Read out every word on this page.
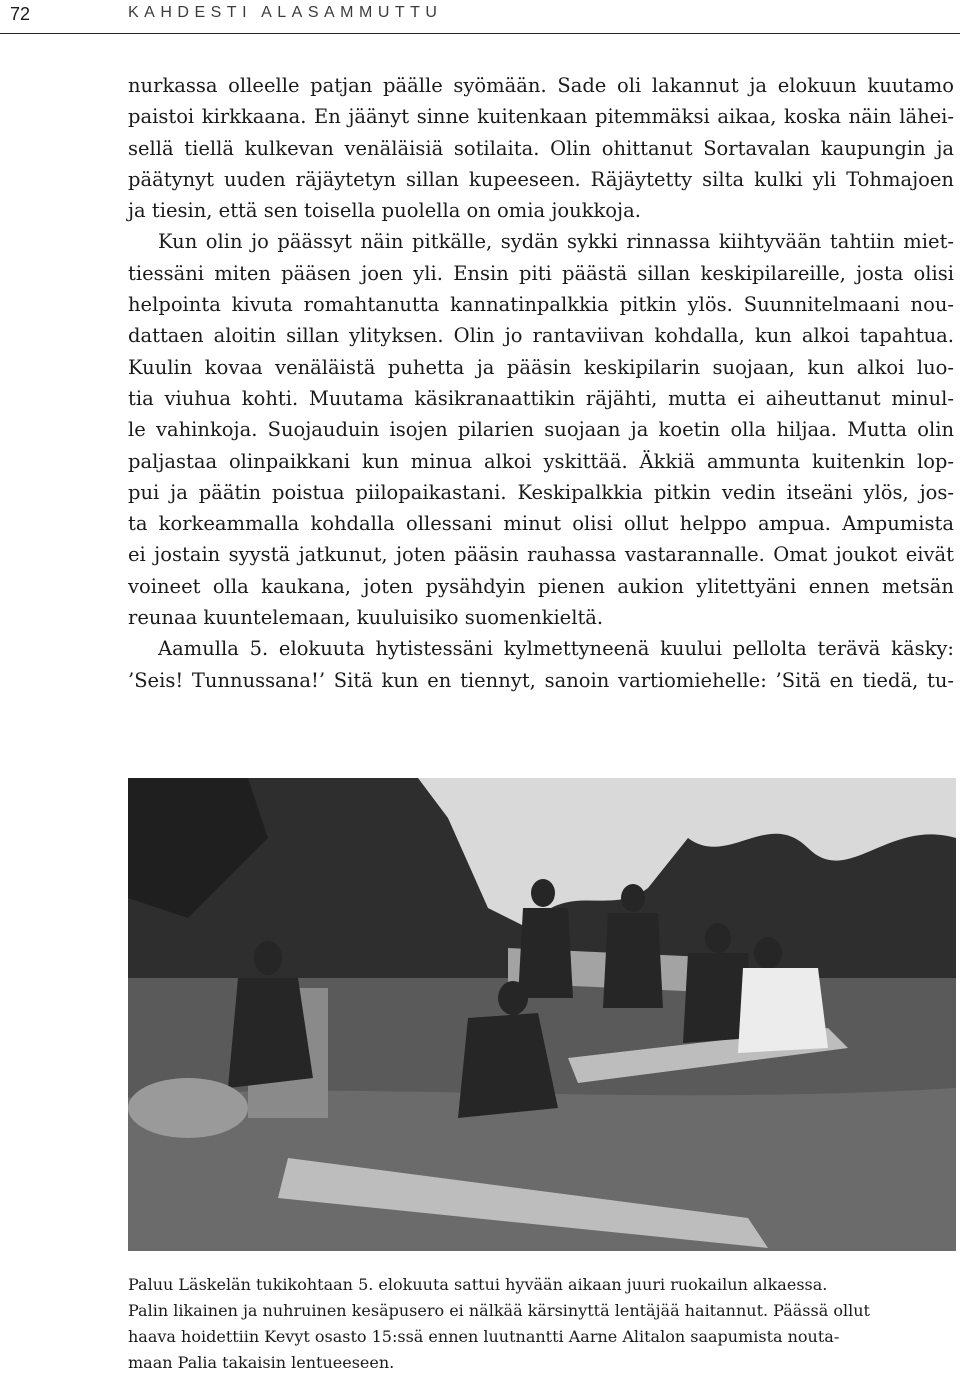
72	KAHDESTI ALASAMMUTTU
nurkassa olleelle patjan päälle syömään. Sade oli lakannut ja elokuun kuutamo
paistoi kirkkaana. En jäänyt sinne kuitenkaan pitemmäksi aikaa, koska näin lähei-
sellä tiellä kulkevan venäläisiä sotilaita. Olin ohittanut Sortavalan kaupungin ja
päätynyt uuden räjäytetyn sillan kupeeseen. Räjäytetty silta kulki yli Tohmajoen
ja tiesin, että sen toisella puolella on omia joukkoja.
Kun olin jo päässyt näin pitkälle, sydän sykki rinnassa kiihtyvään tahtiin miet-
tiessäni miten pääsen joen yli. Ensin piti päästä sillan keskipilareille, josta olisi
helpointa kivuta romahtanutta kannatinpalkkia pitkin ylös. Suunnitelmaani nou-
dattaen aloitin sillan ylityksen. Olin jo rantaviivan kohdalla, kun alkoi tapahtua.
Kuulin kovaa venäläistä puhetta ja pääsin keskipilarin suojaan, kun alkoi luo-
tia viuhua kohti. Muutama käsikranaattikin räjähti, mutta ei aiheuttanut minul-
le vahinkoja. Suojauduin isojen pilarien suojaan ja koetin olla hiljaa. Mutta olin
paljastaa olinpaikkani kun minua alkoi yskittää. Äkkiä ammunta kuitenkin lop-
pui ja päätin poistua piilopaikastani. Keskipalkkia pitkin vedin itseäni ylös, jos-
ta korkeammalla kohdalla ollessani minut olisi ollut helppo ampua. Ampumista
ei jostain syystä jatkunut, joten pääsin rauhassa vastarannalle. Omat joukot eivät
voineet olla kaukana, joten pysähdyin pienen aukion ylitettyäni ennen metsän
reunaa kuuntelemaan, kuuluisiko suomenkieltä.
Aamulla 5. elokuuta hytistessäni kylmettyneenä kuului pellolta terävä käsky:
’Seis! Tunnussana!’ Sitä kun en tiennyt, sanoin vartiomiehelle: ’Sitä en tiedä, tu-
Paluu Läskelän tukikohtaan 5. elokuuta sattui hyvään aikaan juuri ruokailun alkaessa.
Palin likainen ja nuhruinen kesäpusero ei nälkää kärsinyttä lentäjää haitannut. Päässä ollut
haava hoidettiin Kevyt osasto 15:ssä ennen luutnantti Aarne Alitalon saapumista nouta-
maan Palia takaisin lentueeseen.
